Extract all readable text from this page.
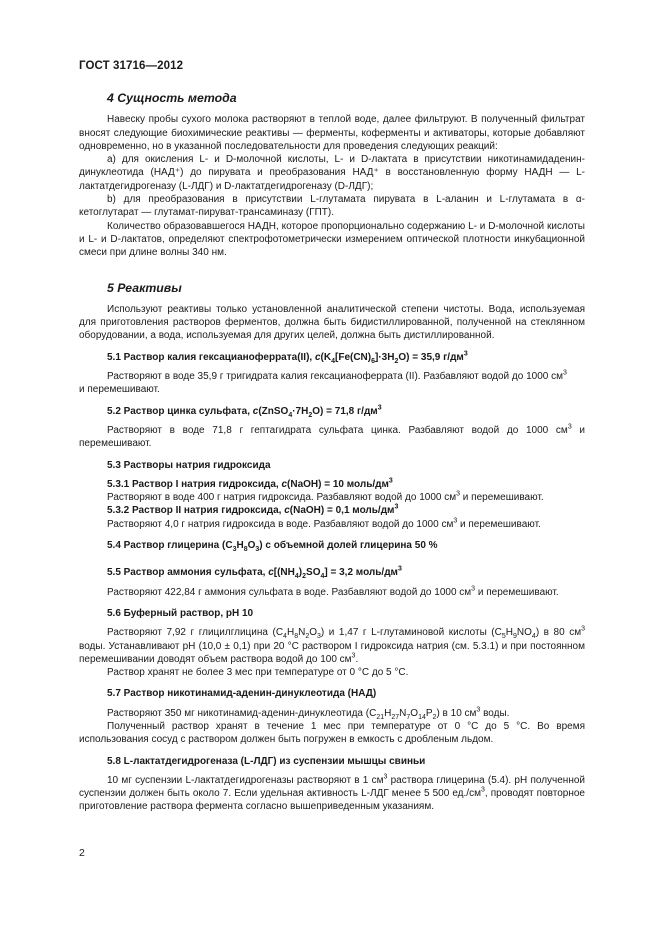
ГОСТ 31716—2012
4 Сущность метода

Навеску пробы сухого молока растворяют в теплой воде, далее фильтруют. В полученный фильтрат вносят следующие биохимические реактивы — ферменты, коферменты и активаторы, которые добавляют одновременно, но в указанной последовательности для проведения следующих реакций:

а) для окисления L- и D-молочной кислоты, L- и D-лактата в присутствии никотинамидаденин-динуклеотида (НАД⁺) до пирувата и преобразования НАД⁺ в восстановленную форму НАДН — L-лактатдегидрогеназу (L-ЛДГ) и D-лактатдегидрогеназу (D-ЛДГ);

b) для преобразования в присутствии L-глутамата пирувата в L-аланин и L-глутамата в α-кетоглутарат — глутамат-пируват-трансаминазу (ГПТ).

Количество образовавшегося НАДН, которое пропорционально содержанию L- и D-молочной кислоты и L- и D-лактатов, определяют спектрофотометрически измерением оптической плотности инкубационной смеси при длине волны 340 нм.

5 Реактивы

Используют реактивы только установленной аналитической степени чистоты. Вода, используемая для приготовления растворов ферментов, должна быть бидистиллированной, полученной на стеклянном оборудовании, а вода, используемая для других целей, должна быть дистиллированной.

5.1 Раствор калия гексацианоферрата(II), $c(K_4[Fe(CN)_6]\cdot 3H_2O) = 35,9$ $г/дм^3$

Растворяют в воде 35,9 г тригидрата калия гексацианоферрата (II). Разбавляют водой до 1000 $см^3$
и перемешивают.

5.2 Раствор цинка сульфата, $c(ZnSO_4\cdot 7H_2O) = 71,8$ $г/дм^3$

Растворяют в воде 71,8 г гептагидрата сульфата цинка. Разбавляют водой до 1000 $см^3$ и перемешивают.

5.3 Растворы натрия гидроксида
5.3.1 Раствор I натрия гидроксида, c(NaOH) = 10 моль/$дм^3$

Растворяют в воде 400 г натрия гидроксида. Разбавляют водой до 1000 $см^3$ и перемешивают.

5.3.2 Раствор II натрия гидроксида, c(NaOH) = 0,1 моль/$дм^3$

Растворяют 4,0 г натрия гидроксида в воде. Разбавляют водой до 1000 $см^3$ и перемешивают.

5.4 Раствор глицерина $(C_3H_8O_3)$ с объемной долей глицерина 50 %
5.5 Раствор аммония сульфата, $c[(NH_4)_2SO_4] = 3,2$ моль/$дм^3$

Растворяют 422,84 г аммония сульфата в воде. Разбавляют водой до 1000 $см^3$ и перемешивают.

5.6 Буферный раствор, рН 10

Растворяют 7,92 г глицилглицина $(C_4H_8N_2O_3)$ и 1,47 г L-глутаминовой кислоты $(C_5H_9NO_4)$ в 80 $см^3$ воды. Устанавливают рН (10,0 ± 0,1) при 20 °С раствором I гидроксида натрия (см. 5.3.1) и при постоянном перемешивании доводят объем раствора водой до 100 $см^3$.

Раствор хранят не более 3 мес при температуре от 0 °С до 5 °С.

5.7 Раствор никотинамид-аденин-динуклеотида (НАД)

Растворяют 350 мг никотинамид-аденин-динуклеотида $(C_{21}H_{27}N_7O_{14}P_2)$ в 10 $см^3$ воды.

Полученный раствор хранят в течение 1 мес при температуре от 0 °С до 5 °С. Во время использования сосуд с раствором должен быть погружен в емкость с дробленым льдом.

5.8 L-лактатдегидрогеназа (L-ЛДГ) из суспензии мышцы свиньи

10 мг суспензии L-лактатдегидрогеназы растворяют в 1 $см^3$ раствора глицерина (5.4). рН полученной суспензии должен быть около 7. Если удельная активность L-ЛДГ менее 5 500 $ед./см^3$, проводят повторное приготовление раствора фермента согласно вышеприведенным указаниям.

2
